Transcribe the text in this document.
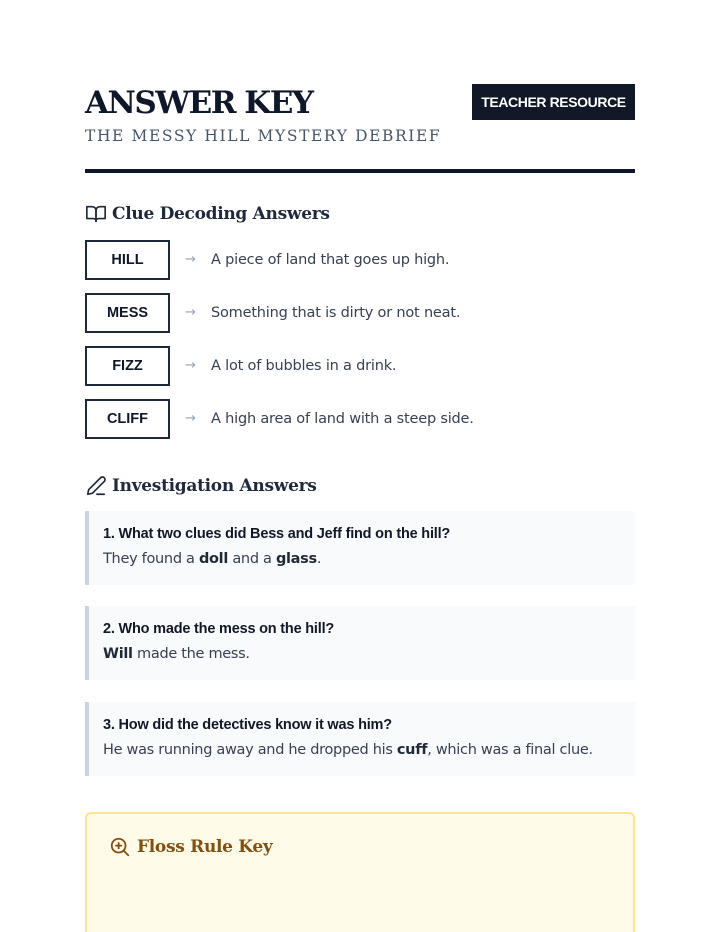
ANSWER KEY
THE MESSY HILL MYSTERY DEBRIEF
TEACHER RESOURCE
Clue Decoding Answers
HILL	→ A piece of land that goes up high.
MESS	→ Something that is dirty or not neat.
FIZZ	→ A lot of bubbles in a drink.
CLIFF	→ A high area of land with a steep side.
Investigation Answers
1. What two clues did Bess and Jeff find on the hill?
They found a doll and a glass.
2. Who made the mess on the hill?
Will made the mess.
3. How did the detectives know it was him?
He was running away and he dropped his cuff, which was a final clue.
Floss Rule Key
